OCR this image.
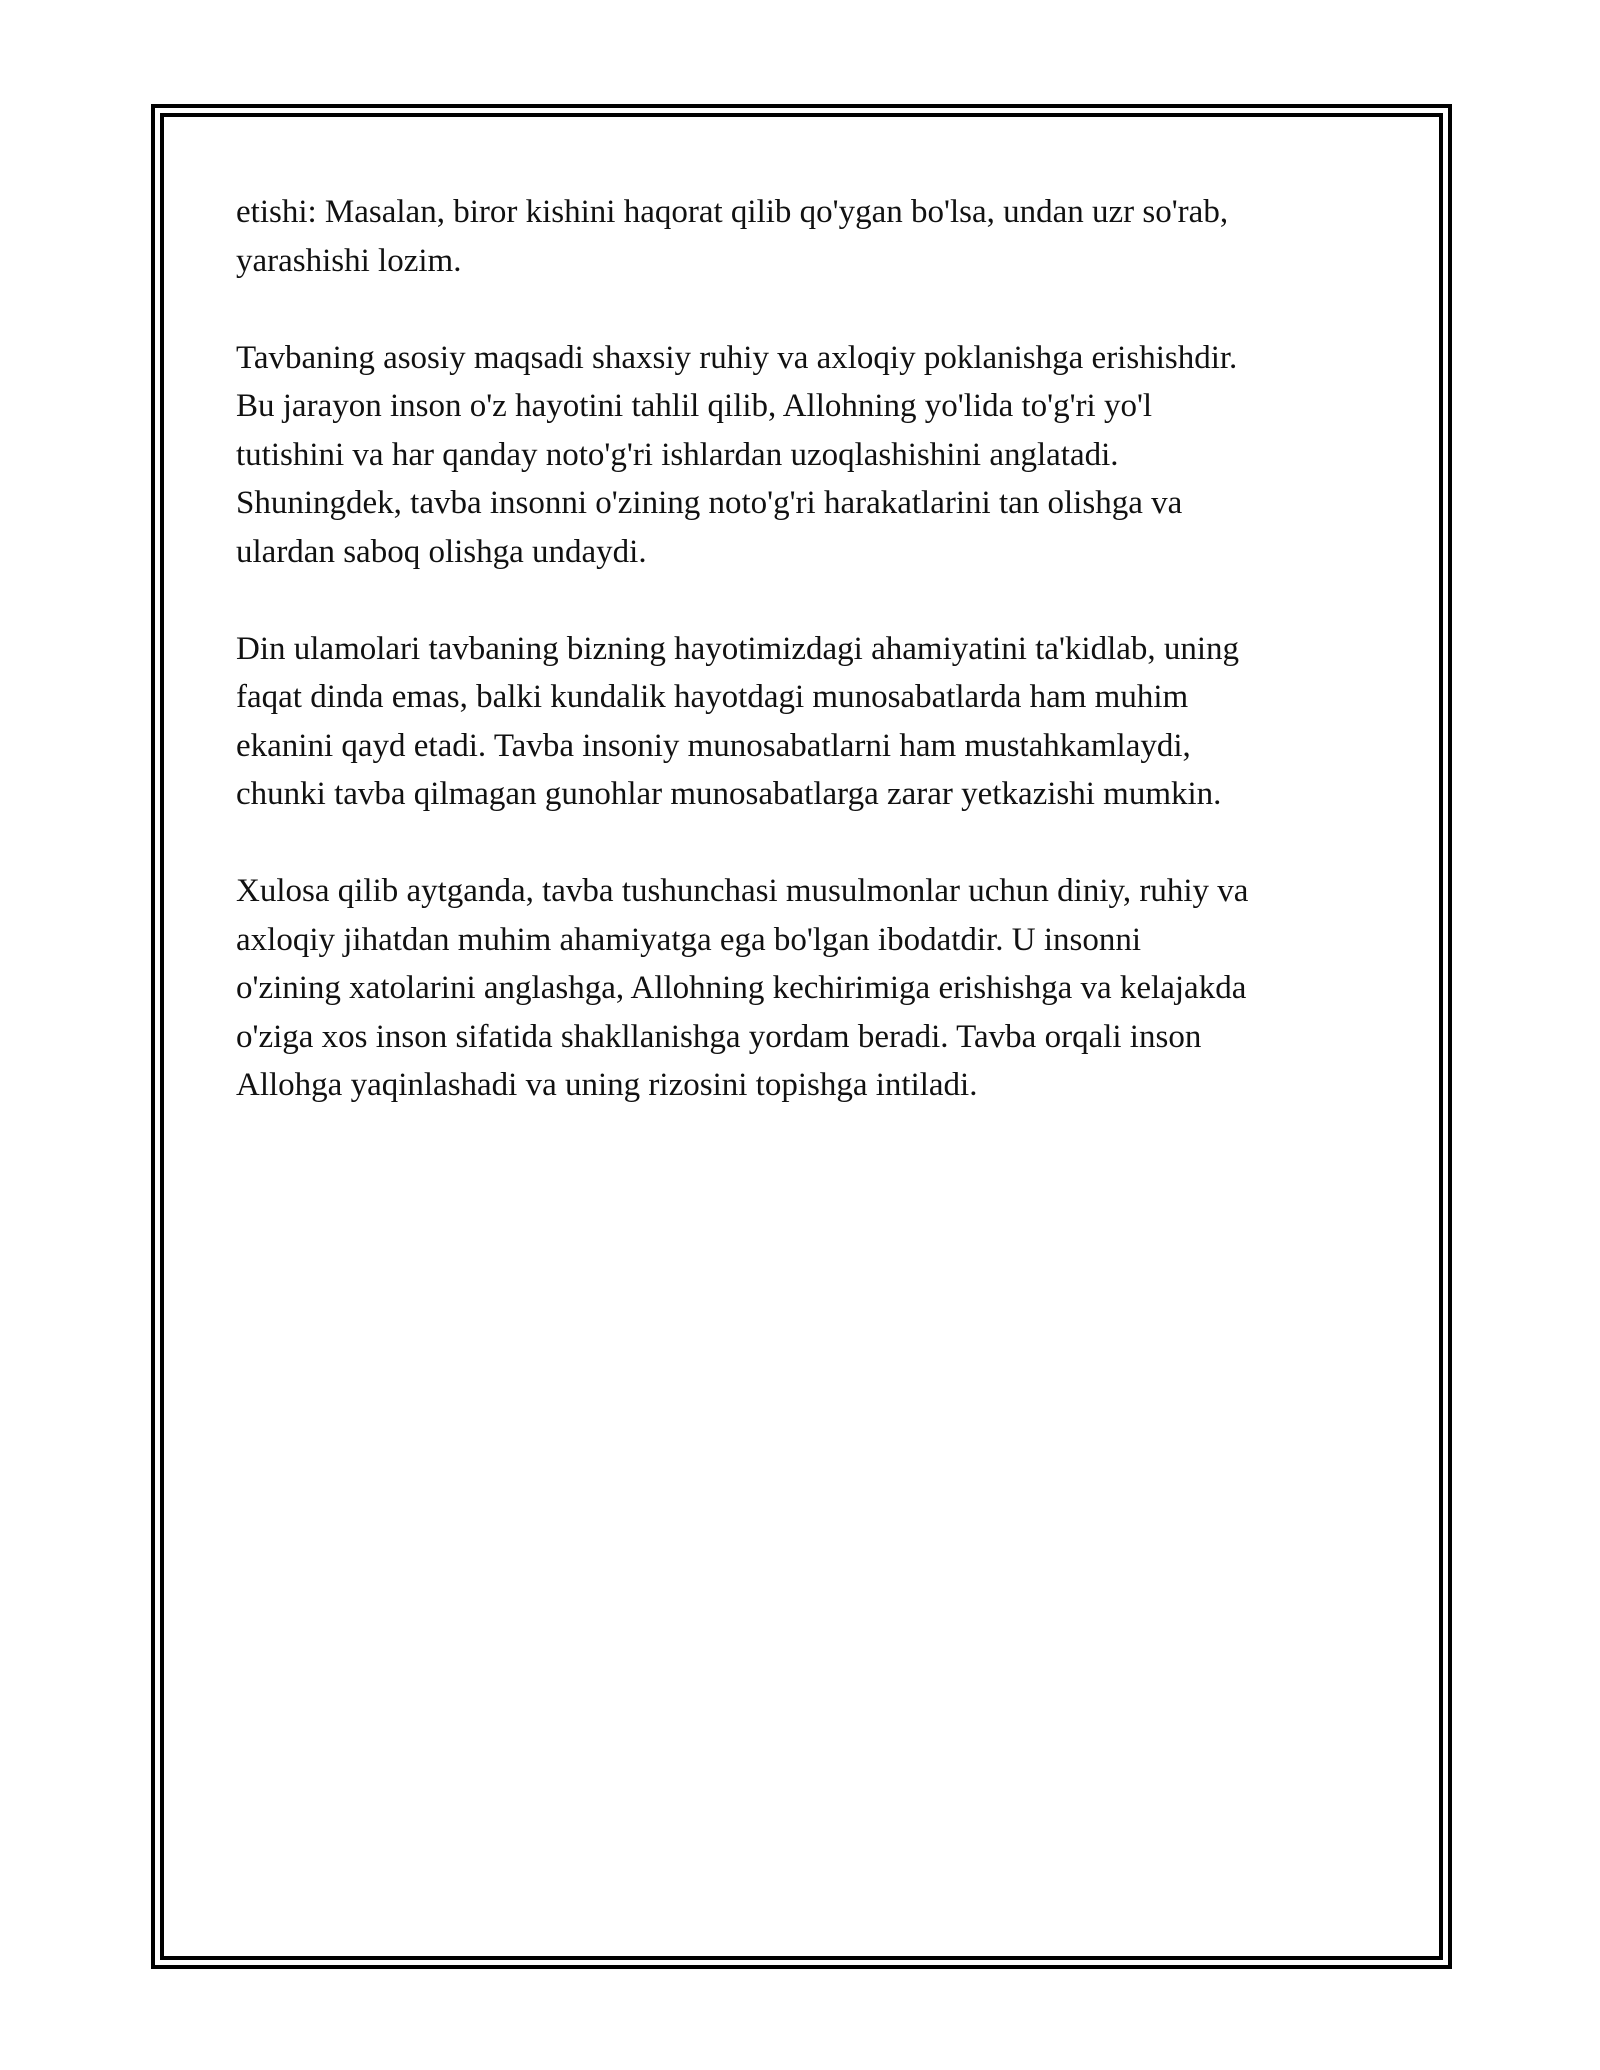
etishi: Masalan, biror kishini haqorat qilib qo'ygan bo'lsa, undan uzr so'rab,
yarashishi lozim.

Tavbaning asosiy maqsadi shaxsiy ruhiy va axloqiy poklanishga erishishdir.
Bu jarayon inson o'z hayotini tahlil qilib, Allohning yo'lida to'g'ri yo'l
tutishini va har qanday noto'g'ri ishlardan uzoqlashishini anglatadi.
Shuningdek, tavba insonni o'zining noto'g'ri harakatlarini tan olishga va
ulardan saboq olishga undaydi.

Din ulamolari tavbaning bizning hayotimizdagi ahamiyatini ta'kidlab, uning
faqat dinda emas, balki kundalik hayotdagi munosabatlarda ham muhim
ekanini qayd etadi. Tavba insoniy munosabatlarni ham mustahkamlaydi,
chunki tavba qilmagan gunohlar munosabatlarga zarar yetkazishi mumkin.

Xulosa qilib aytganda, tavba tushunchasi musulmonlar uchun diniy, ruhiy va
axloqiy jihatdan muhim ahamiyatga ega bo'lgan ibodatdir. U insonni
o'zining xatolarini anglashga, Allohning kechirimiga erishishga va kelajakda
o'ziga xos inson sifatida shakllanishga yordam beradi. Tavba orqali inson
Allohga yaqinlashadi va uning rizosini topishga intiladi.
